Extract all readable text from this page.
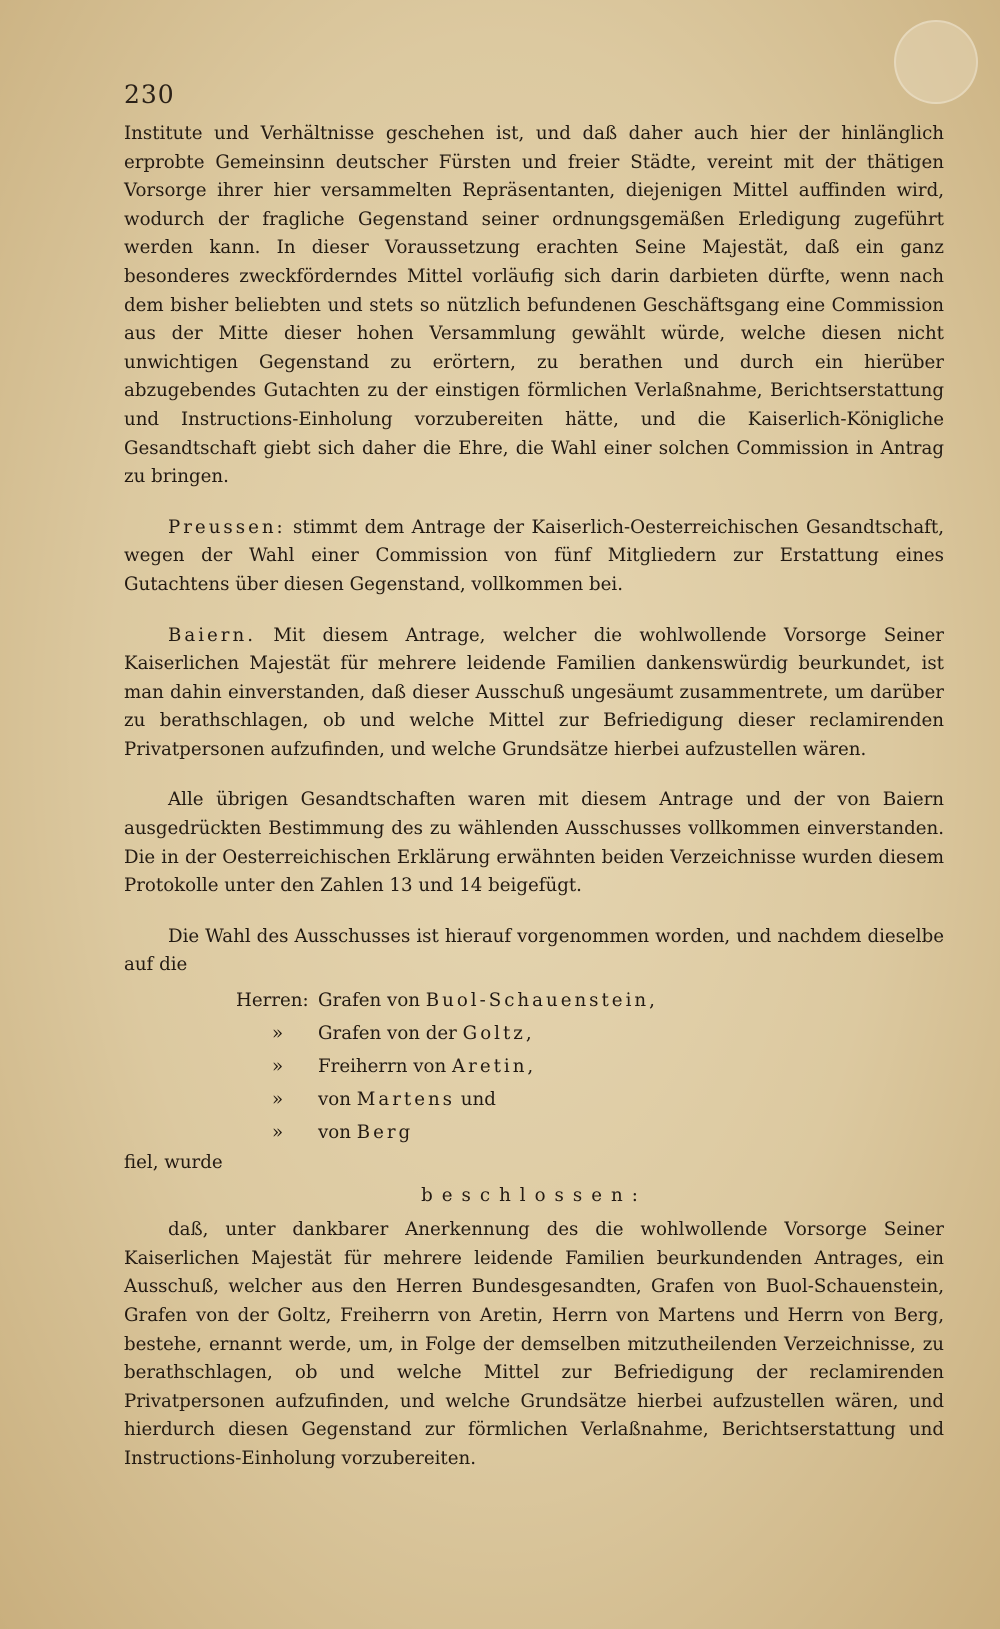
230

Institute und Verhältnisse geschehen ist, und daß daher auch hier der hinlänglich erprobte Gemeinsinn deutscher Fürsten und freier Städte, vereint mit der thätigen Vorsorge ihrer hier versammelten Repräsentanten, diejenigen Mittel auffinden wird, wodurch der fragliche Gegenstand seiner ordnungsgemäßen Erledigung zugeführt werden kann. In dieser Voraussetzung erachten Seine Majestät, daß ein ganz besonderes zweckförderndes Mittel vorläufig sich darin darbieten dürfte, wenn nach dem bisher beliebten und stets so nützlich befundenen Geschäftsgang eine Commission aus der Mitte dieser hohen Versammlung gewählt würde, welche diesen nicht unwichtigen Gegenstand zu erörtern, zu berathen und durch ein hierüber abzugebendes Gutachten zu der einstigen förmlichen Verlaßnahme, Berichtserstattung und Instructions-Einholung vorzubereiten hätte, und die Kaiserlich-Königliche Gesandtschaft giebt sich daher die Ehre, die Wahl einer solchen Commission in Antrag zu bringen.

Preussen: stimmt dem Antrage der Kaiserlich-Oesterreichischen Gesandtschaft, wegen der Wahl einer Commission von fünf Mitgliedern zur Erstattung eines Gutachtens über diesen Gegenstand, vollkommen bei.

Baiern. Mit diesem Antrage, welcher die wohlwollende Vorsorge Seiner Kaiserlichen Majestät für mehrere leidende Familien dankenswürdig beurkundet, ist man dahin einverstanden, daß dieser Ausschuß ungesäumt zusammentrete, um darüber zu berathschlagen, ob und welche Mittel zur Befriedigung dieser reclamirenden Privatpersonen aufzufinden, und welche Grundsätze hierbei aufzustellen wären.

Alle übrigen Gesandtschaften waren mit diesem Antrage und der von Baiern ausgedrückten Bestimmung des zu wählenden Ausschusses vollkommen einverstanden. Die in der Oesterreichischen Erklärung erwähnten beiden Verzeichnisse wurden diesem Protokolle unter den Zahlen 13 und 14 beigefügt.

Die Wahl des Ausschusses ist hierauf vorgenommen worden, und nachdem dieselbe auf die

Herren: Grafen von Buol-Schauenstein,
» Grafen von der Goltz,
» Freiherrn von Aretin,
» von Martens und
» von Berg

fiel, wurde

beschlossen:

daß, unter dankbarer Anerkennung des die wohlwollende Vorsorge Seiner Kaiserlichen Majestät für mehrere leidende Familien beurkundenden Antrages, ein Ausschuß, welcher aus den Herren Bundesgesandten, Grafen von Buol-Schauenstein, Grafen von der Goltz, Freiherrn von Aretin, Herrn von Martens und Herrn von Berg, bestehe, ernannt werde, um, in Folge der demselben mitzutheilenden Verzeichnisse, zu berathschlagen, ob und welche Mittel zur Befriedigung der reclamirenden Privatpersonen aufzufinden, und welche Grundsätze hierbei aufzustellen wären, und hierdurch diesen Gegenstand zur förmlichen Verlaßnahme, Berichtserstattung und Instructions-Einholung vorzubereiten.
